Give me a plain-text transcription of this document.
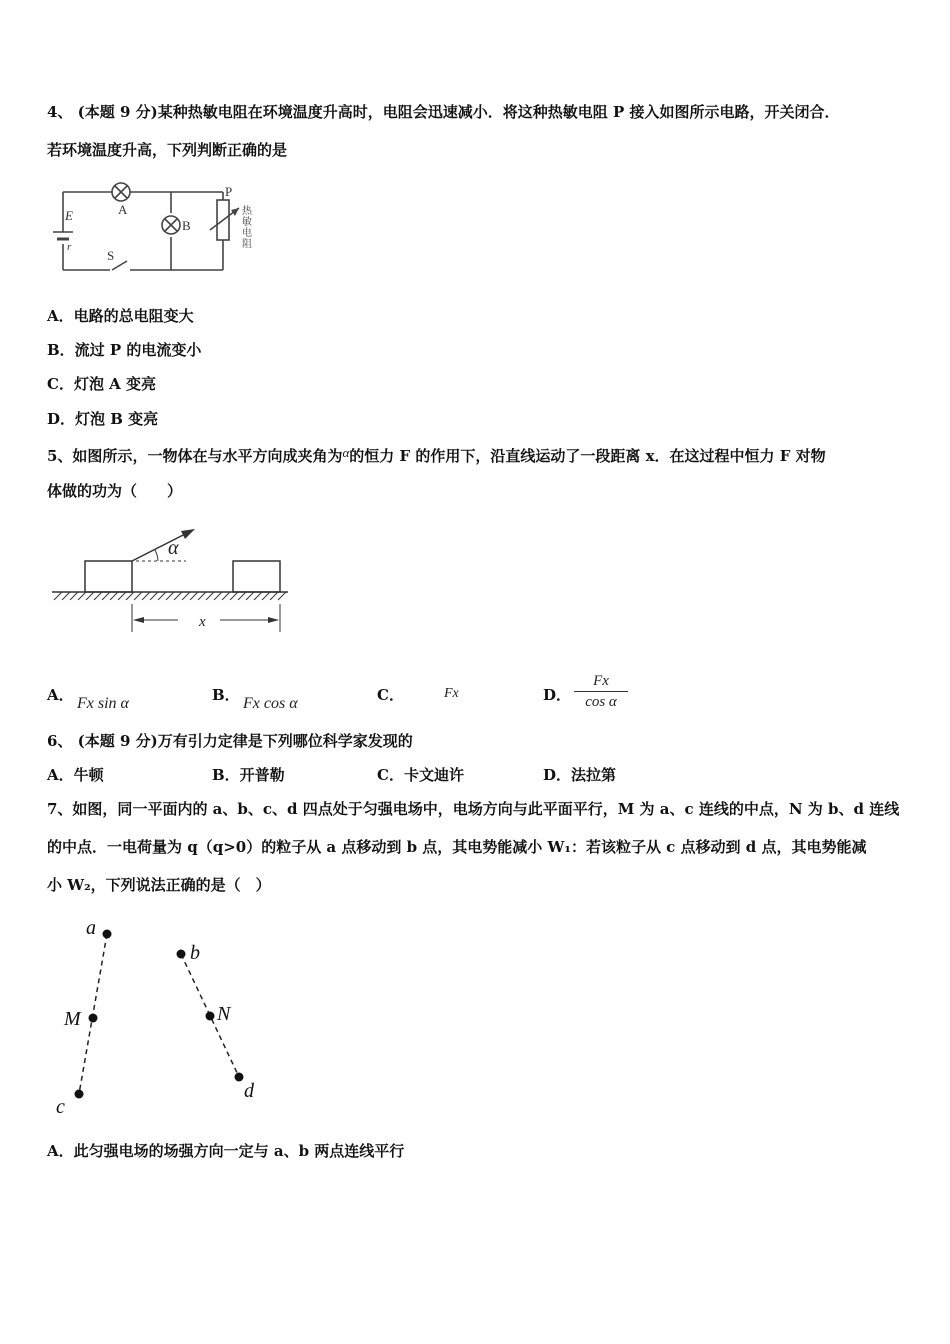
4、 (本题 9 分)某种热敏电阻在环境温度升高时，电阻会迅速减小．将这种热敏电阻 P 接入如图所示电路，开关闭合．
若环境温度升高，下列判断正确的是
E
r
A
B
S
P
热敏电阻
A．电路的总电阻变大
B．流过 P 的电流变小
C．灯泡 A 变亮
D．灯泡 B 变亮
5、如图所示，一物体在与水平方向成夹角为α的恒力 F 的作用下，沿直线运动了一段距离 x．在这过程中恒力 F 对物
体做的功为（　　）
α
x
A． Fx sin α	B． Fx cos α	C．	Fx	D．
Fx
cos α
6、 (本题 9 分)万有引力定律是下列哪位科学家发现的
A．牛顿	B．开普勒	C．卡文迪许	D．法拉第
7、如图，同一平面内的 a、b、c、d 四点处于匀强电场中，电场方向与此平面平行，M 为 a、c 连线的中点，N 为 b、d 连线
的中点．一电荷量为 q（q>0）的粒子从 a 点移动到 b 点，其电势能减小 W₁：若该粒子从 c 点移动到 d 点，其电势能减
小 W₂，下列说法正确的是（　）
a
M
c
b
N
d
A．此匀强电场的场强方向一定与 a、b 两点连线平行
